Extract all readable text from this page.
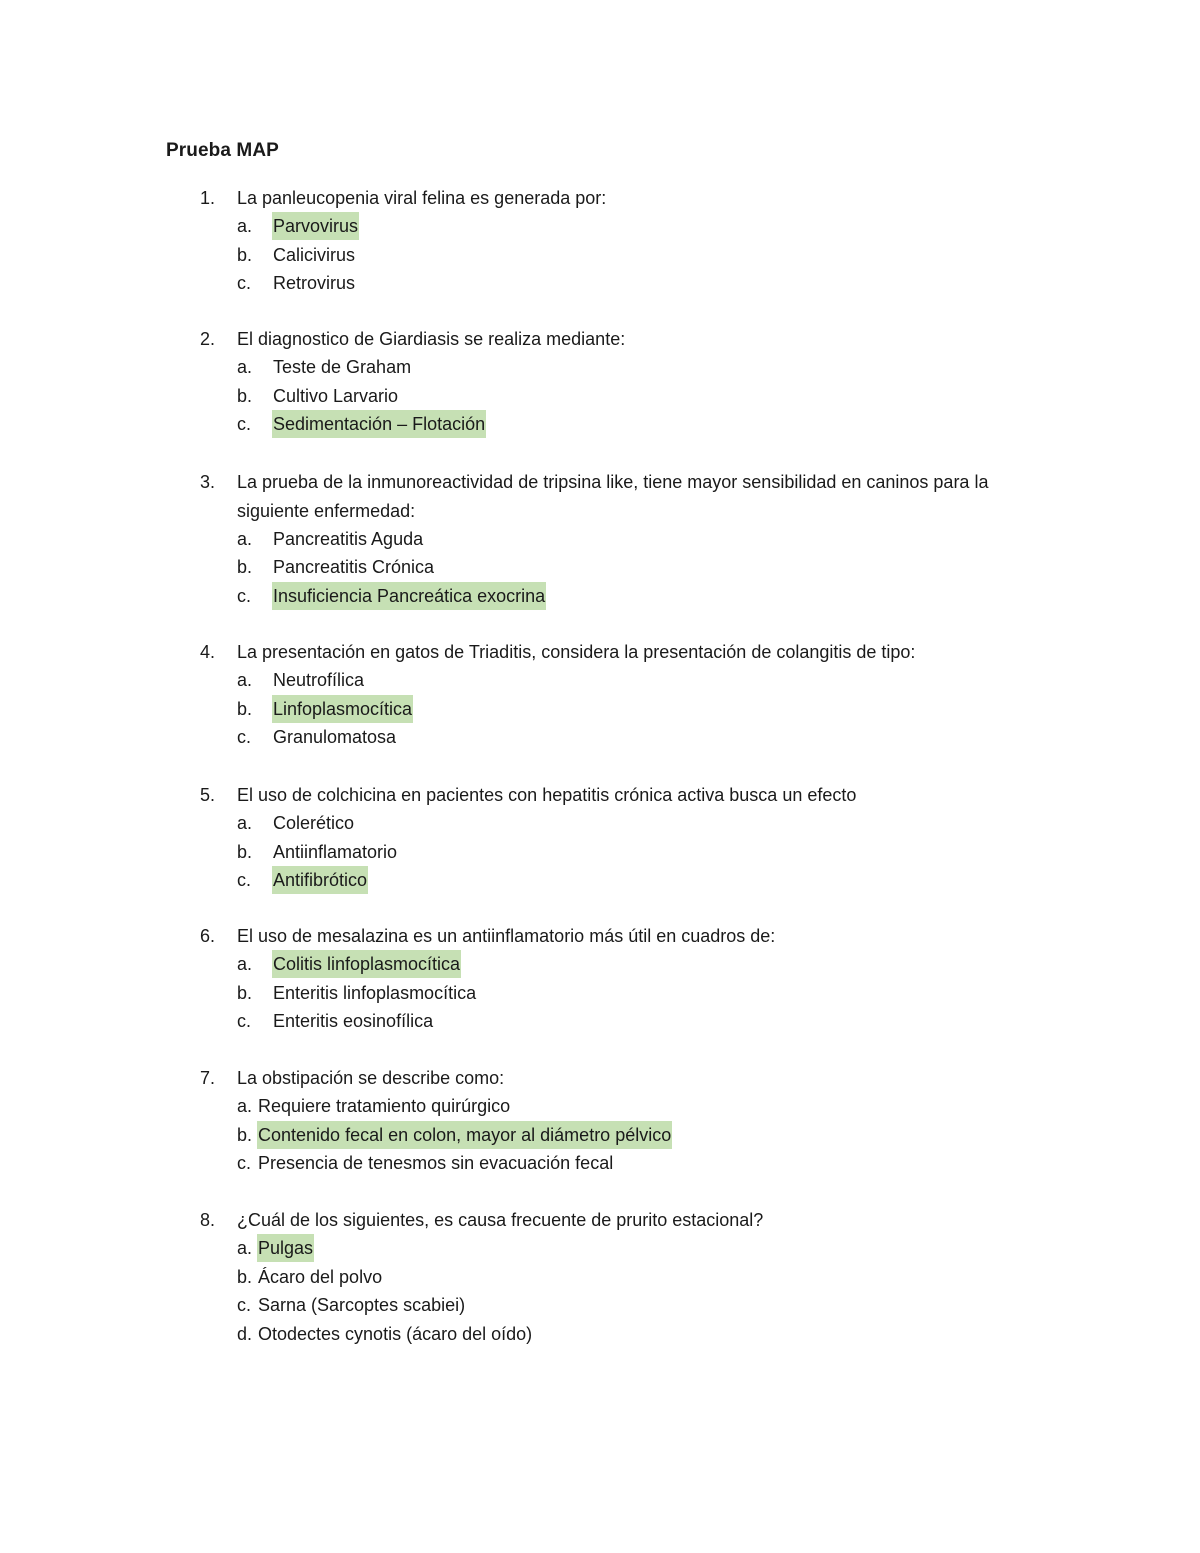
Prueba MAP
1.	La panleucopenia viral felina es generada por:
a. Parvovirus
b. Calicivirus
c. Retrovirus
2.	El diagnostico de Giardiasis se realiza mediante:
a. Teste de Graham
b. Cultivo Larvario
c. Sedimentación – Flotación
3.	La prueba de la inmunoreactividad de tripsina like, tiene mayor sensibilidad en caninos para la siguiente enfermedad:
a. Pancreatitis Aguda
b. Pancreatitis Crónica
c. Insuficiencia Pancreática exocrina
4.	La presentación en gatos de Triaditis, considera la presentación de colangitis de tipo:
a. Neutrofílica
b. Linfoplasmocítica
c. Granulomatosa
5.	El uso de colchicina en pacientes con hepatitis crónica activa busca un efecto
a. Colerético
b. Antiinflamatorio
c. Antifibrótico
6.	El uso de mesalazina es un antiinflamatorio más útil en cuadros de:
a. Colitis linfoplasmocítica
b. Enteritis linfoplasmocítica
c. Enteritis eosinofílica
7.	La obstipación se describe como:
a. Requiere tratamiento quirúrgico
b. Contenido fecal en colon, mayor al diámetro pélvico
c. Presencia de tenesmos sin evacuación fecal
8.	¿Cuál de los siguientes, es causa frecuente de prurito estacional?
a. Pulgas
b. Ácaro del polvo
c. Sarna (Sarcoptes scabiei)
d. Otodectes cynotis (ácaro del oído)
